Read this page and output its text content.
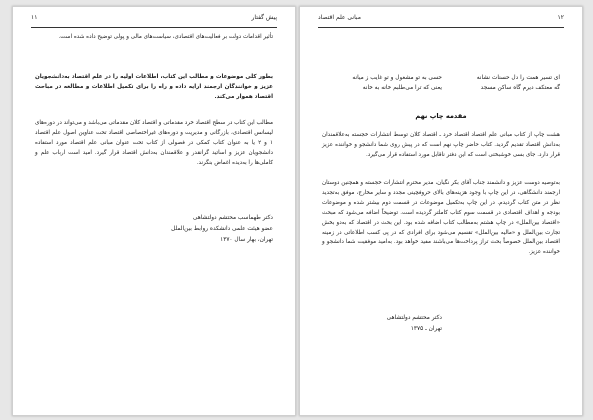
پیش گفتار
۱۱

تأثیر اقدامات دولت بر فعالیت‌های اقتصادی، سیاست‌های مالی و پولی توضیح داده شده است.

بطور کلی موضوعات و مطالب این کتاب، اطلاعات اولیه را در علم اقتصاد به‌دانشجویان عزیز و خوانندگان ارجمند ارایه داده و راه را برای تکمیل اطلاعات و مطالعه در مباحث اقتصاد هموار می‌کند.

مطالب این کتاب در سطح اقتصاد خرد مقدماتی و اقتصاد کلان مقدماتی می‌باشد و می‌تواند در دوره‌های لیسانس اقتصادی، بازرگانی و مدیریت و دوره‌های غیراختصاصی اقتصاد تحت عناوین اصول علم اقتصاد ۱ و ۲ یا به عنوان کتاب کمکی در فصولی از کتاب تحت عنوان مبانی علم اقتصاد مورد استفاده دانشجویان عزیز و اساتید گرانقدر و علاقمندان به‌دانش اقتصاد قرار گیرد. امید است ارباب علم و کاملی‌ها را به‌دیده اغماض بنگرند.

دکتر طهماسب محتشم دولتشاهی
عضو هیئت علمی دانشکده روابط بین‌الملل
تهران، بهار سال ۱۳۷۰
۱۲
مبانی علم اقتصاد
ای تسیر همت را دل حسنات نشانه
گه معتکف دیرم گاه ساکن مسجد
حسی به تو مشغول و تو غایب ز میانه
یعنی که ترا می‌طلبم خانه به خانه
مقدمه چاپ نهم

هشت چاپ از کتاب مبانی علم اقتصاد اقتصاد خرد ـ اقتصاد کلان توسط انتشارات خجسته به‌علاقمندان به‌دانش اقتصاد تقدیم گردید. کتاب حاضر چاپ نهم است که در پیش روی شما دانشجو و خواننده عزیز قرار دارد. جای بسی خوشبختی است که این دفتر ناقابل مورد استفاده قرار می‌گیرد.

به‌توصیه دوست عزیز و دانشمند جناب آقای بکر نگیان، مدیر محترم انتشارات خجسته و همچنین دوستان ارجمند دانشگاهی، در این چاپ با وجود هزینه‌های بالای حروفچینی مجدد و سایر مخارج، موفق به‌تجدید نظر در متن کتاب گردیدم. در این چاپ به‌تکمیل موضوعات در قسمت دوم بیشتر شده و موضوعات بودجه و اهداف اقتصادی در قسمت سوم کتاب کاملتر گردیده است. توضیحاً اضافه می‌شود که مبحث «اقتصاد بین‌الملل» در چاپ هشتم به‌مطالب کتاب اضافه شده بود. این بحث در اقتصاد که به‌دو بخش تجارت بین‌الملل و «مالیه بین‌الملل» تقسیم می‌شود برای افرادی که در پی کسب اطلاعاتی در زمینه اقتصاد بین‌الملل خصوصاً بحث تراز پرداخت‌ها می‌باشند مفید خواهد بود. به‌امید موفقیت شما دانشجو و خواننده عزیز.

دکتر محتشم دولتشاهی
تهران ـ ۱۳۷۵
